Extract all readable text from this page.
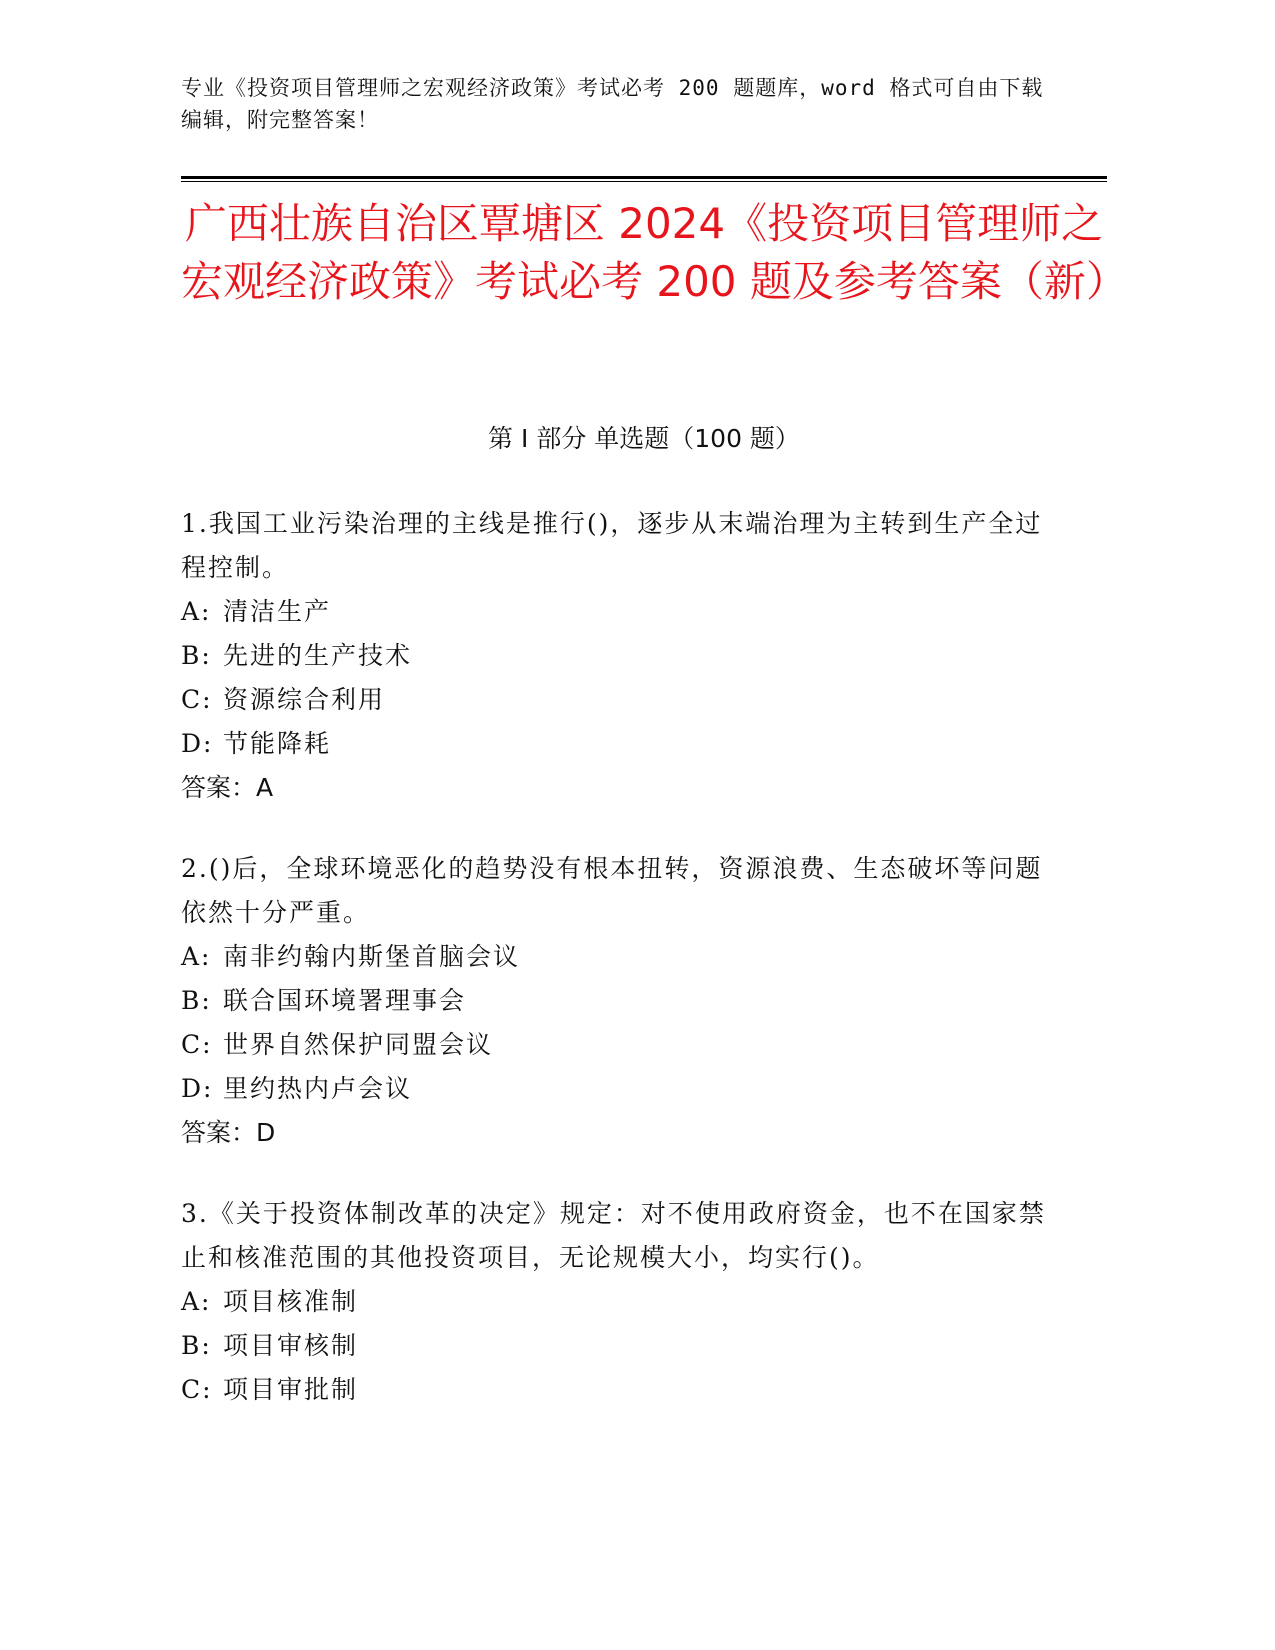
专业《投资项目管理师之宏观经济政策》考试必考 200 题题库，word 格式可自由下载编辑，附完整答案！
广西壮族自治区覃塘区 2024《投资项目管理师之宏观经济政策》考试必考 200 题及参考答案（新）
第 I 部分 单选题（100 题）
1.我国工业污染治理的主线是推行()，逐步从末端治理为主转到生产全过程控制。
A: 清洁生产
B: 先进的生产技术
C: 资源综合利用
D: 节能降耗
答案：A
2.()后，全球环境恶化的趋势没有根本扭转，资源浪费、生态破坏等问题依然十分严重。
A: 南非约翰内斯堡首脑会议
B: 联合国环境署理事会
C: 世界自然保护同盟会议
D: 里约热内卢会议
答案：D
3.《关于投资体制改革的决定》规定：对不使用政府资金，也不在国家禁止和核准范围的其他投资项目，无论规模大小，均实行()。
A: 项目核准制
B: 项目审核制
C: 项目审批制
